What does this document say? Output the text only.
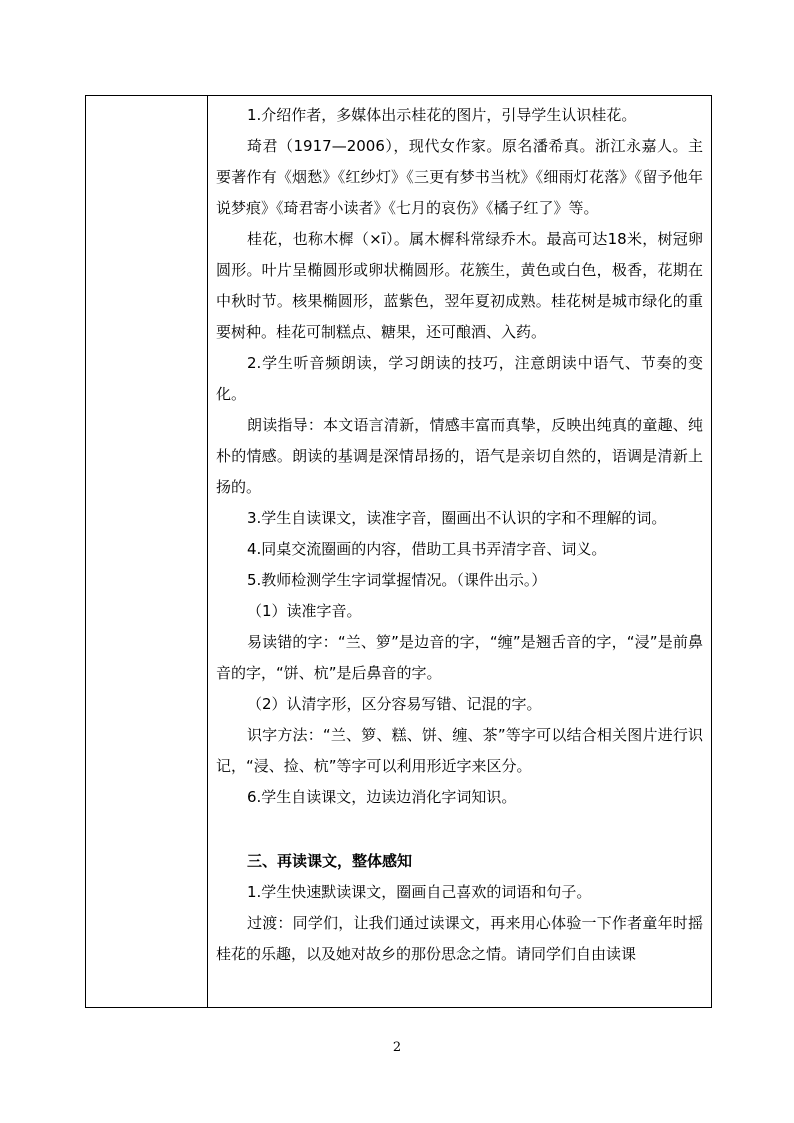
1.介绍作者，多媒体出示桂花的图片，引导学生认识桂花。

琦君（1917—2006），现代女作家。原名潘希真。浙江永嘉人。主要著作有《烟愁》《红纱灯》《三更有梦书当枕》《细雨灯花落》《留予他年说梦痕》《琦君寄小读者》《七月的哀伤》《橘子红了》等。

桂花，也称木樨（×ī）。属木樨科常绿乔木。最高可达18米，树冠卵圆形。叶片呈椭圆形或卵状椭圆形。花簇生，黄色或白色，极香，花期在中秋时节。核果椭圆形，蓝紫色，翌年夏初成熟。桂花树是城市绿化的重要树种。桂花可制糕点、糖果，还可酿酒、入药。

2.学生听音频朗读，学习朗读的技巧，注意朗读中语气、节奏的变化。

朗读指导：本文语言清新，情感丰富而真挚，反映出纯真的童趣、纯朴的情感。朗读的基调是深情昂扬的，语气是亲切自然的，语调是清新上扬的。

3.学生自读课文，读准字音，圈画出不认识的字和不理解的词。

4.同桌交流圈画的内容，借助工具书弄清字音、词义。

5.教师检测学生字词掌握情况。（课件出示。）

（1）读准字音。

易读错的字：“兰、箩”是边音的字，“缠”是翘舌音的字，“浸”是前鼻音的字，“饼、杭”是后鼻音的字。

（2）认清字形，区分容易写错、记混的字。

识字方法：“兰、箩、糕、饼、缠、茶”等字可以结合相关图片进行识记，“浸、捡、杭”等字可以利用形近字来区分。

6.学生自读课文，边读边消化字词知识。

三、再读课文，整体感知

1.学生快速默读课文，圈画自己喜欢的词语和句子。

过渡：同学们，让我们通过读课文，再来用心体验一下作者童年时摇桂花的乐趣，以及她对故乡的那份思念之情。请同学们自由读课

2
